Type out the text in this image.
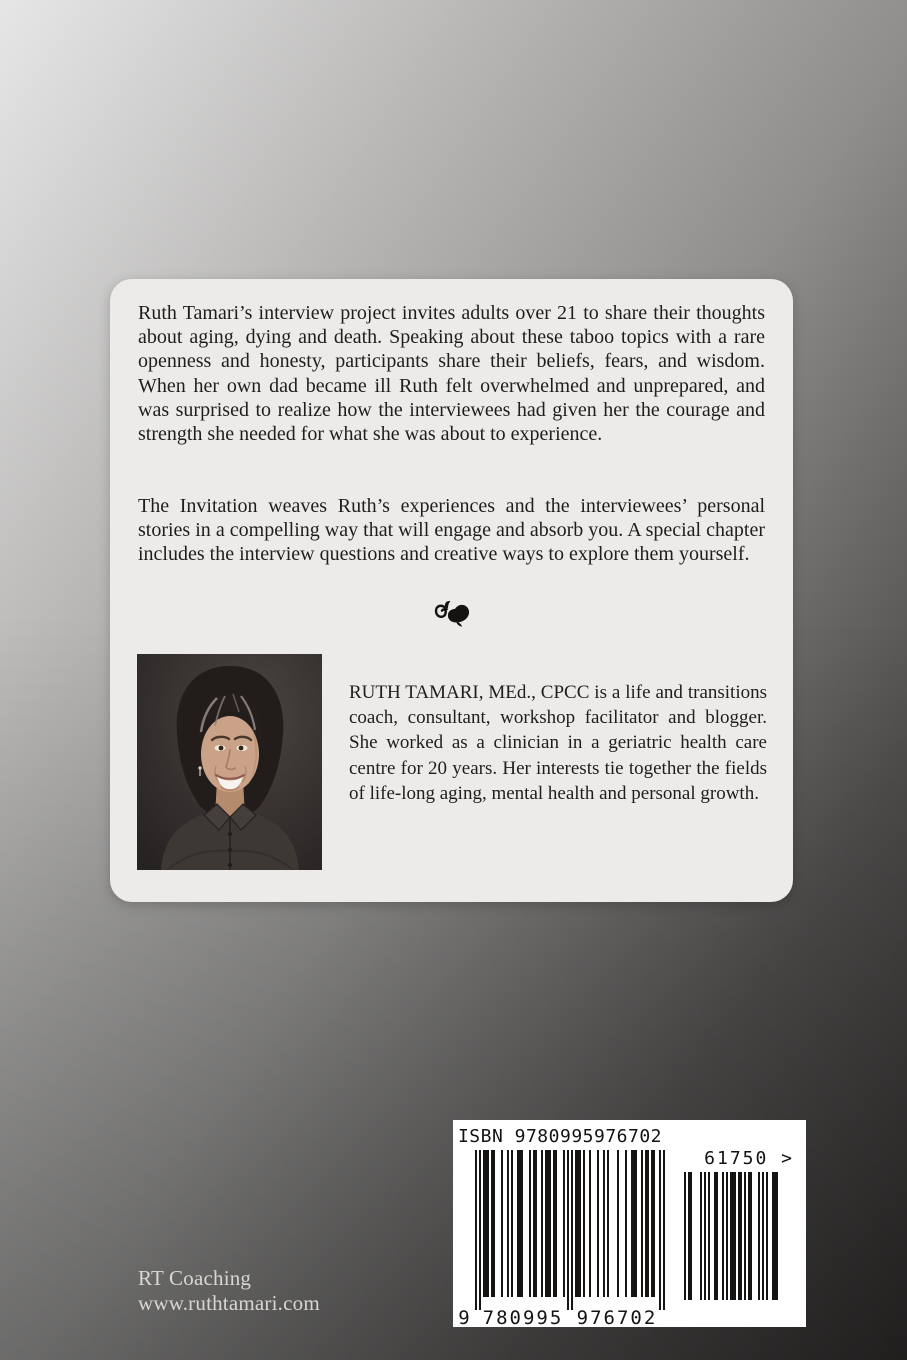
Ruth Tamari’s interview project invites adults over 21 to share their thoughts about aging, dying and death. Speaking about these taboo topics with a rare openness and honesty, participants share their beliefs, fears, and wisdom. When her own dad became ill Ruth felt overwhelmed and unprepared, and was surprised to realize how the interviewees had given her the courage and strength she needed for what she was about to experience.

The Invitation weaves Ruth’s experiences and the interviewees’ personal stories in a compelling way that will engage and absorb you. A special chapter includes the interview questions and creative ways to explore them yourself.

RUTH TAMARI, MEd., CPCC is a life and transitions coach, consultant, workshop facilitator and blogger. She worked as a clinician in a geriatric health care centre for 20 years. Her interests tie together the fields of life-long aging, mental health and personal growth.

RT Coaching
www.ruthtamari.com
ISBN 9780995976702
9 780995 976702
61750 >
